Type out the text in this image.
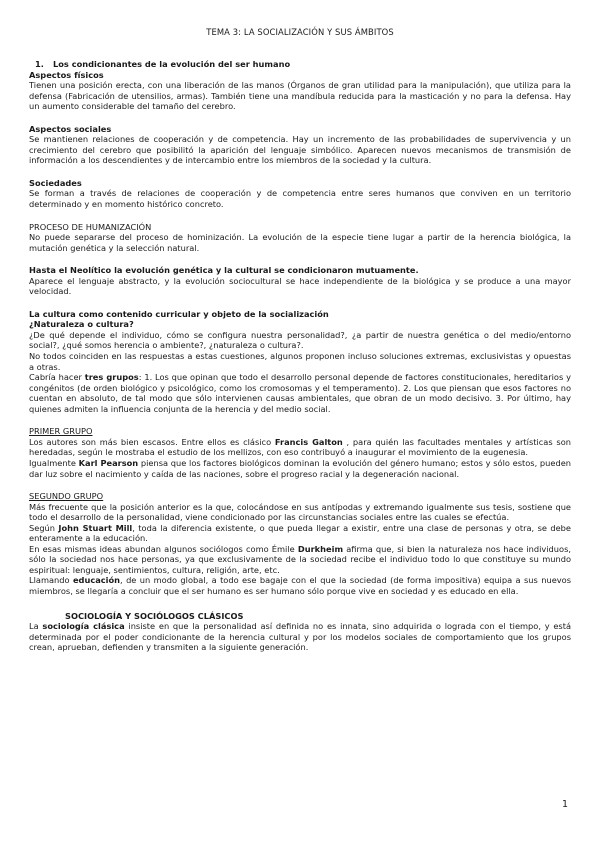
TEMA 3: LA SOCIALIZACIÓN Y SUS ÁMBITOS

1. Los condicionantes de la evolución del ser humano

Aspectos físicos

Tienen una posición erecta, con una liberación de las manos (Órganos de gran utilidad para la manipulación), que utiliza para la defensa (Fabricación de utensilios, armas). También tiene una mandíbula reducida para la masticación y no para la defensa. Hay un aumento considerable del tamaño del cerebro.

Aspectos sociales

Se mantienen relaciones de cooperación y de competencia. Hay un incremento de las probabilidades de supervivencia y un crecimiento del cerebro que posibilitó la aparición del lenguaje simbólico. Aparecen nuevos mecanismos de transmisión de información a los descendientes y de intercambio entre los miembros de la sociedad y la cultura.

Sociedades

Se forman a través de relaciones de cooperación y de competencia entre seres humanos que conviven en un territorio determinado y en momento histórico concreto.

PROCESO DE HUMANIZACIÓN

No puede separarse del proceso de hominización. La evolución de la especie tiene lugar a partir de la herencia biológica, la mutación genética y la selección natural.

Hasta el Neolítico la evolución genética y la cultural se condicionaron mutuamente.

Aparece el lenguaje abstracto, y la evolución sociocultural se hace independiente de la biológica y se produce a una mayor velocidad.

La cultura como contenido curricular y objeto de la socialización

¿Naturaleza o cultura?

¿De qué depende el individuo, cómo se configura nuestra personalidad?, ¿a partir de nuestra genética o del medio/entorno social?, ¿qué somos herencia o ambiente?, ¿naturaleza o cultura?.

No todos coinciden en las respuestas a estas cuestiones, algunos proponen incluso soluciones extremas, exclusivistas y opuestas a otras.

Cabría hacer tres grupos: 1. Los que opinan que todo el desarrollo personal depende de factores constitucionales, hereditarios y congénitos (de orden biológico y psicológico, como los cromosomas y el temperamento). 2. Los que piensan que esos factores no cuentan en absoluto, de tal modo que sólo intervienen causas ambientales, que obran de un modo decisivo. 3. Por último, hay quienes admiten la influencia conjunta de la herencia y del medio social.

PRIMER GRUPO

Los autores son más bien escasos. Entre ellos es clásico Francis Galton , para quién las facultades mentales y artísticas son heredadas, según le mostraba el estudio de los mellizos, con eso contribuyó a inaugurar el movimiento de la eugenesia.

Igualmente Karl Pearson piensa que los factores biológicos dominan la evolución del género humano; estos y sólo estos, pueden dar luz sobre el nacimiento y caída de las naciones, sobre el progreso racial y la degeneración nacional.

SEGUNDO GRUPO

Más frecuente que la posición anterior es la que, colocándose en sus antípodas y extremando igualmente sus tesis, sostiene que todo el desarrollo de la personalidad, viene condicionado por las circunstancias sociales entre las cuales se efectúa.

Según John Stuart Mill, toda la diferencia existente, o que pueda llegar a existir, entre una clase de personas y otra, se debe enteramente a la educación.

En esas mismas ideas abundan algunos sociólogos como Émile Durkheim afirma que, si bien la naturaleza nos hace individuos, sólo la sociedad nos hace personas, ya que exclusivamente de la sociedad recibe el individuo todo lo que constituye su mundo espiritual: lenguaje, sentimientos, cultura, religión, arte, etc.

Llamando educación, de un modo global, a todo ese bagaje con el que la sociedad (de forma impositiva) equipa a sus nuevos miembros, se llegaría a concluir que el ser humano es ser humano sólo porque vive en sociedad y es educado en ella.

SOCIOLOGÍA Y SOCIÓLOGOS CLÁSICOS

La sociología clásica insiste en que la personalidad así definida no es innata, sino adquirida o lograda con el tiempo, y está determinada por el poder condicionante de la herencia cultural y por los modelos sociales de comportamiento que los grupos crean, aprueban, defienden y transmiten a la siguiente generación.

1
